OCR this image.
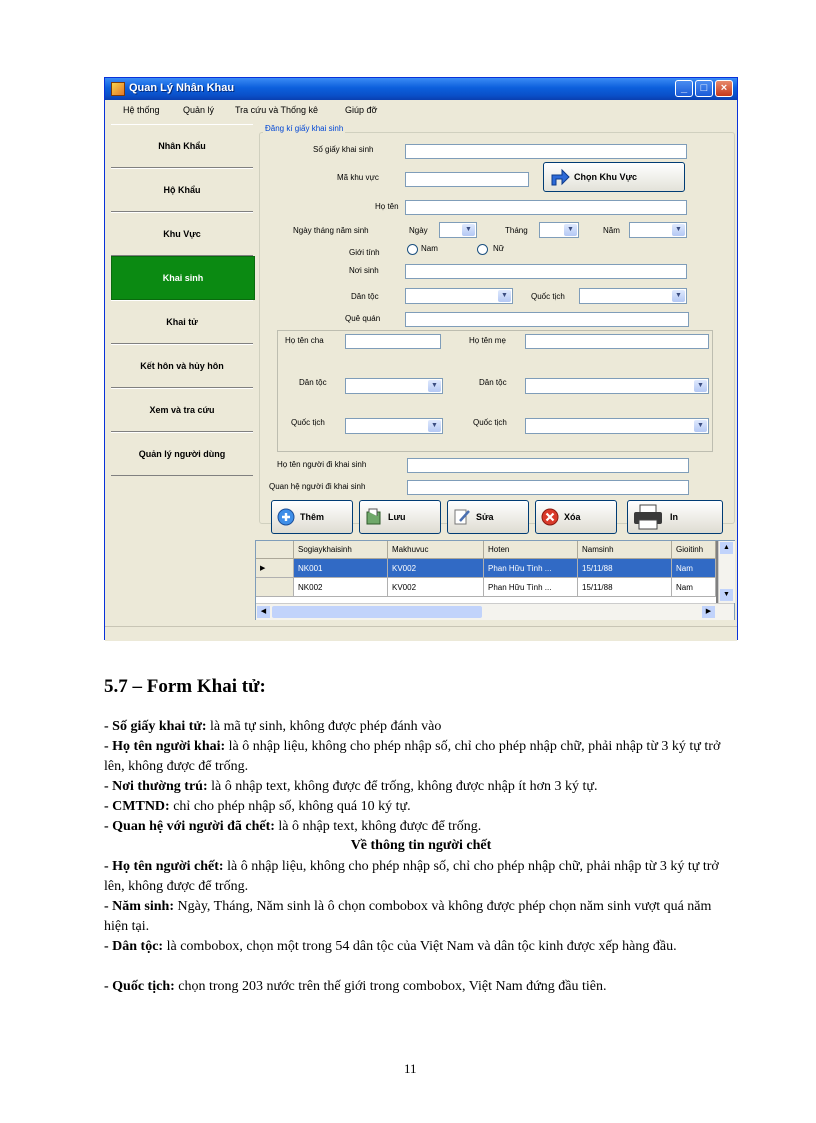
Quan Lý Nhân Khau	_	□	×
Hệ thống	Quản lý Tra cứu và Thống kê	Giúp đỡ
Nhân Khẩu
Hộ Khẩu
Khu Vực
Khai sinh
Khai tử
Kết hôn và hủy hôn
Xem và tra cứu
Quản lý người dùng
Đăng kí giấy khai sinh
Số giấy khai sinh
Mã khu vực	Chọn Khu Vực
Họ tên
Ngày tháng năm sinh	Ngày	▼	Tháng	▼	Năm	▼
Giới tính	Nam	Nữ
Nơi sinh
Dân tộc	▼	Quốc tịch	▼
Quê quán
Họ tên cha	Họ tên mẹ
Dân tộc	▼	Dân tộc	▼
Quốc tịch	▼	Quốc tịch	▼
Họ tên người đi khai sinh
Quan hệ người đi khai sinh
Thêm	Lưu	Sửa	Xóa	In
Sogiaykhaisinh	Makhuvuc	Hoten	Namsinh	Gioitinh
▶	NK001	KV002	Phan Hữu Tình ...	15/11/88	Nam
NK002	KV002	Phan Hữu Tình ...	15/11/88	Nam
▲
▼
◀	▶
5.7 – Form Khai tử:
- Số giấy khai tử: là mã tự sinh, không được phép đánh vào
- Họ tên người khai: là ô nhập liệu, không cho phép nhập số, chỉ cho phép nhập chữ, phải nhập từ 3 ký tự trở lên, không được để trống.
- Nơi thường trú: là ô nhập text, không được để trống, không được nhập ít hơn 3 ký tự.
- CMTND: chỉ cho phép nhập số, không quá 10 ký tự.
- Quan hệ với người đã chết: là ô nhập text, không được để trống.
Về thông tin người chết
- Họ tên người chết: là ô nhập liệu, không cho phép nhập số, chỉ cho phép nhập chữ, phải nhập từ 3 ký tự trở lên, không được để trống.
- Năm sinh: Ngày, Tháng, Năm sinh là ô chọn combobox và không được phép chọn năm sinh vượt quá năm hiện tại.
- Dân tộc: là combobox, chọn một trong 54 dân tộc của Việt Nam và dân tộc kinh được xếp hàng đầu.
- Quốc tịch: chọn trong 203 nước trên thế giới trong combobox, Việt Nam đứng đầu tiên.
11
